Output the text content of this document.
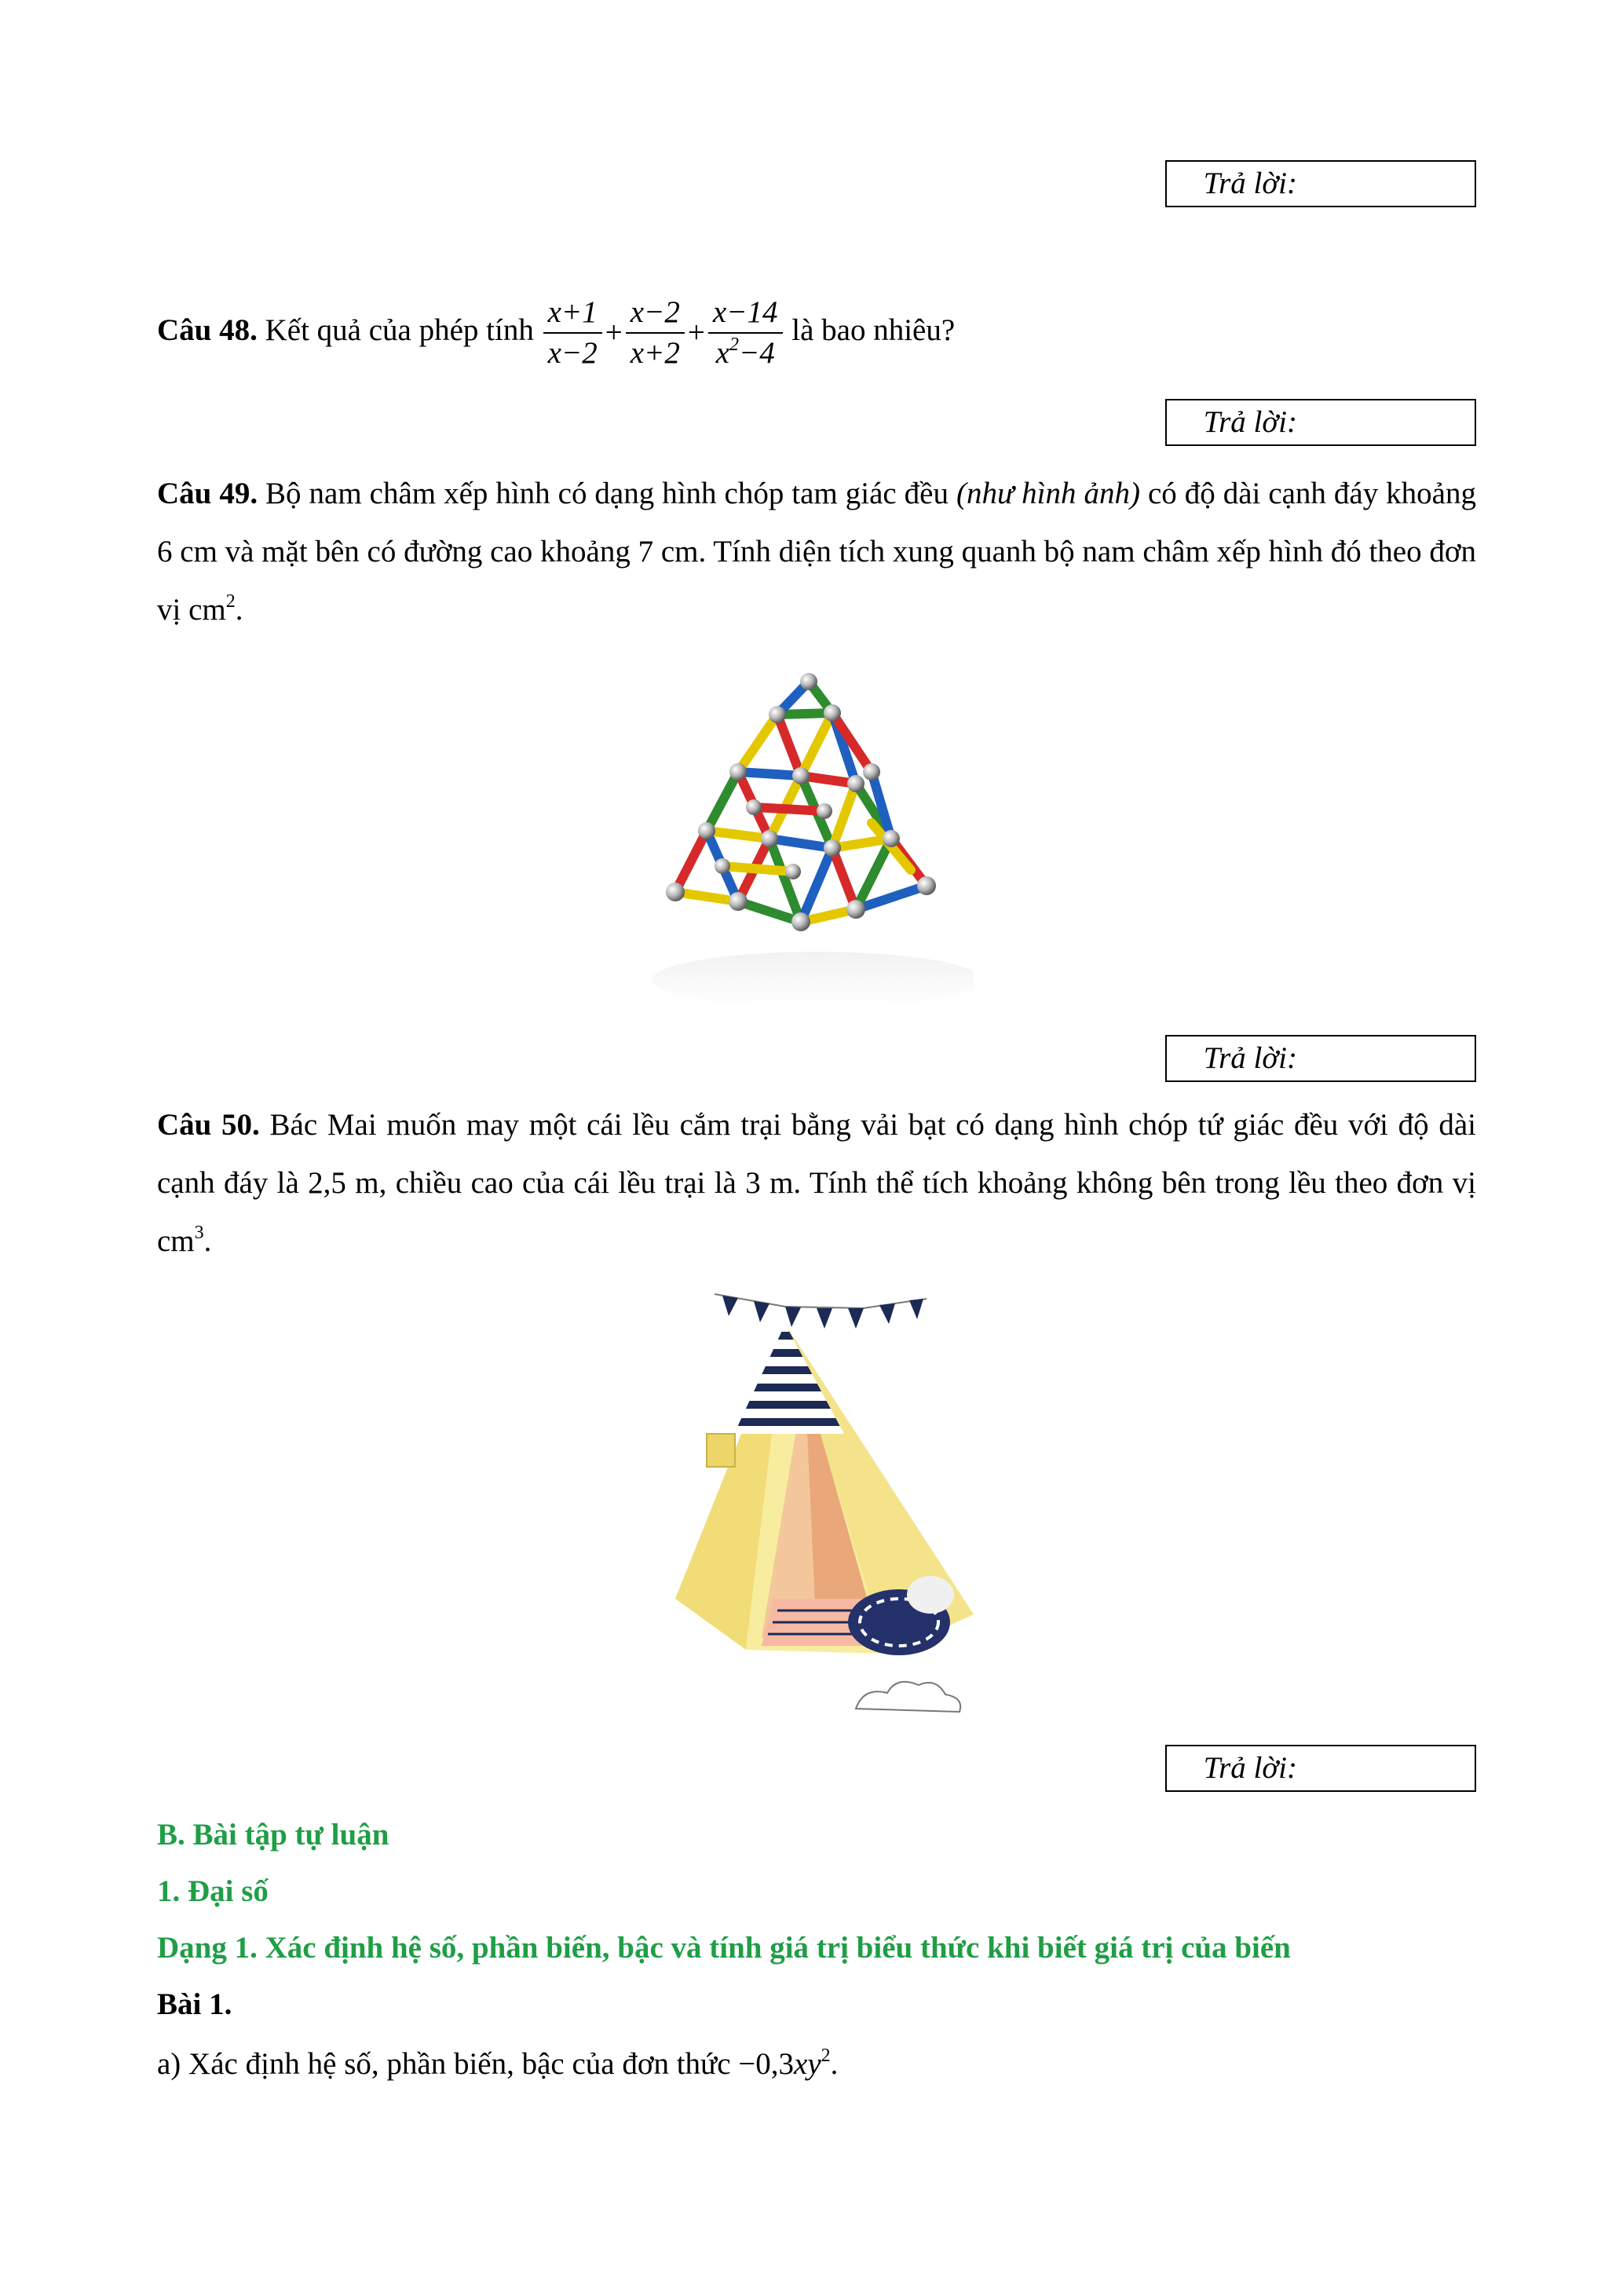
Trả lời:
Câu 48. Kết quả của phép tính $\frac{x+1}{x-2} + \frac{x-2}{x+2} + \frac{x-14}{x^2-4}$ là bao nhiêu?
Trả lời:
Câu 49. Bộ nam châm xếp hình có dạng hình chóp tam giác đều (như hình ảnh) có độ dài cạnh đáy khoảng 6 cm và mặt bên có đường cao khoảng 7 cm. Tính diện tích xung quanh bộ nam châm xếp hình đó theo đơn vị $cm^2$.
Trả lời:
Câu 50. Bác Mai muốn may một cái lều cắm trại bằng vải bạt có dạng hình chóp tứ giác đều với độ dài cạnh đáy là 2,5 m, chiều cao của cái lều trại là 3 m. Tính thể tích khoảng không bên trong lều theo đơn vị $cm^3$.
Trả lời:
B. Bài tập tự luận
1. Đại số
Dạng 1. Xác định hệ số, phần biến, bậc và tính giá trị biểu thức khi biết giá trị của biến
Bài 1.
a) Xác định hệ số, phần biến, bậc của đơn thức $-0,3xy^2$.
